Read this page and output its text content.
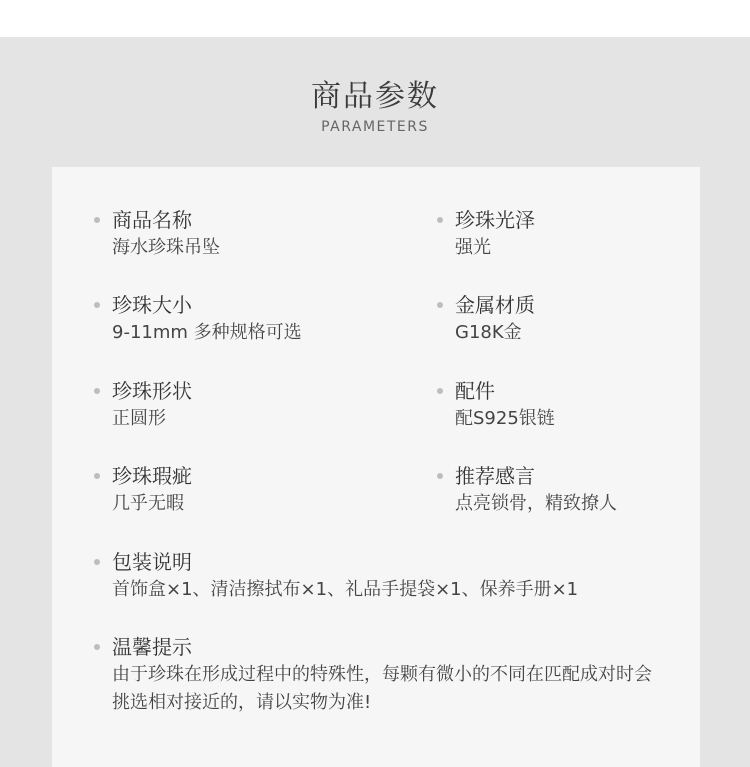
商品参数
PARAMETERS
商品名称
海水珍珠吊坠
珍珠光泽
强光
珍珠大小
9-11mm 多种规格可选
金属材质
G18K金
珍珠形状
正圆形
配件
配S925银链
珍珠瑕疵
几乎无暇
推荐感言
点亮锁骨，精致撩人
包装说明
首饰盒×1、清洁擦拭布×1、礼品手提袋×1、保养手册×1
温馨提示
由于珍珠在形成过程中的特殊性，每颗有微小的不同在匹配成对时会挑选相对接近的，请以实物为准!
